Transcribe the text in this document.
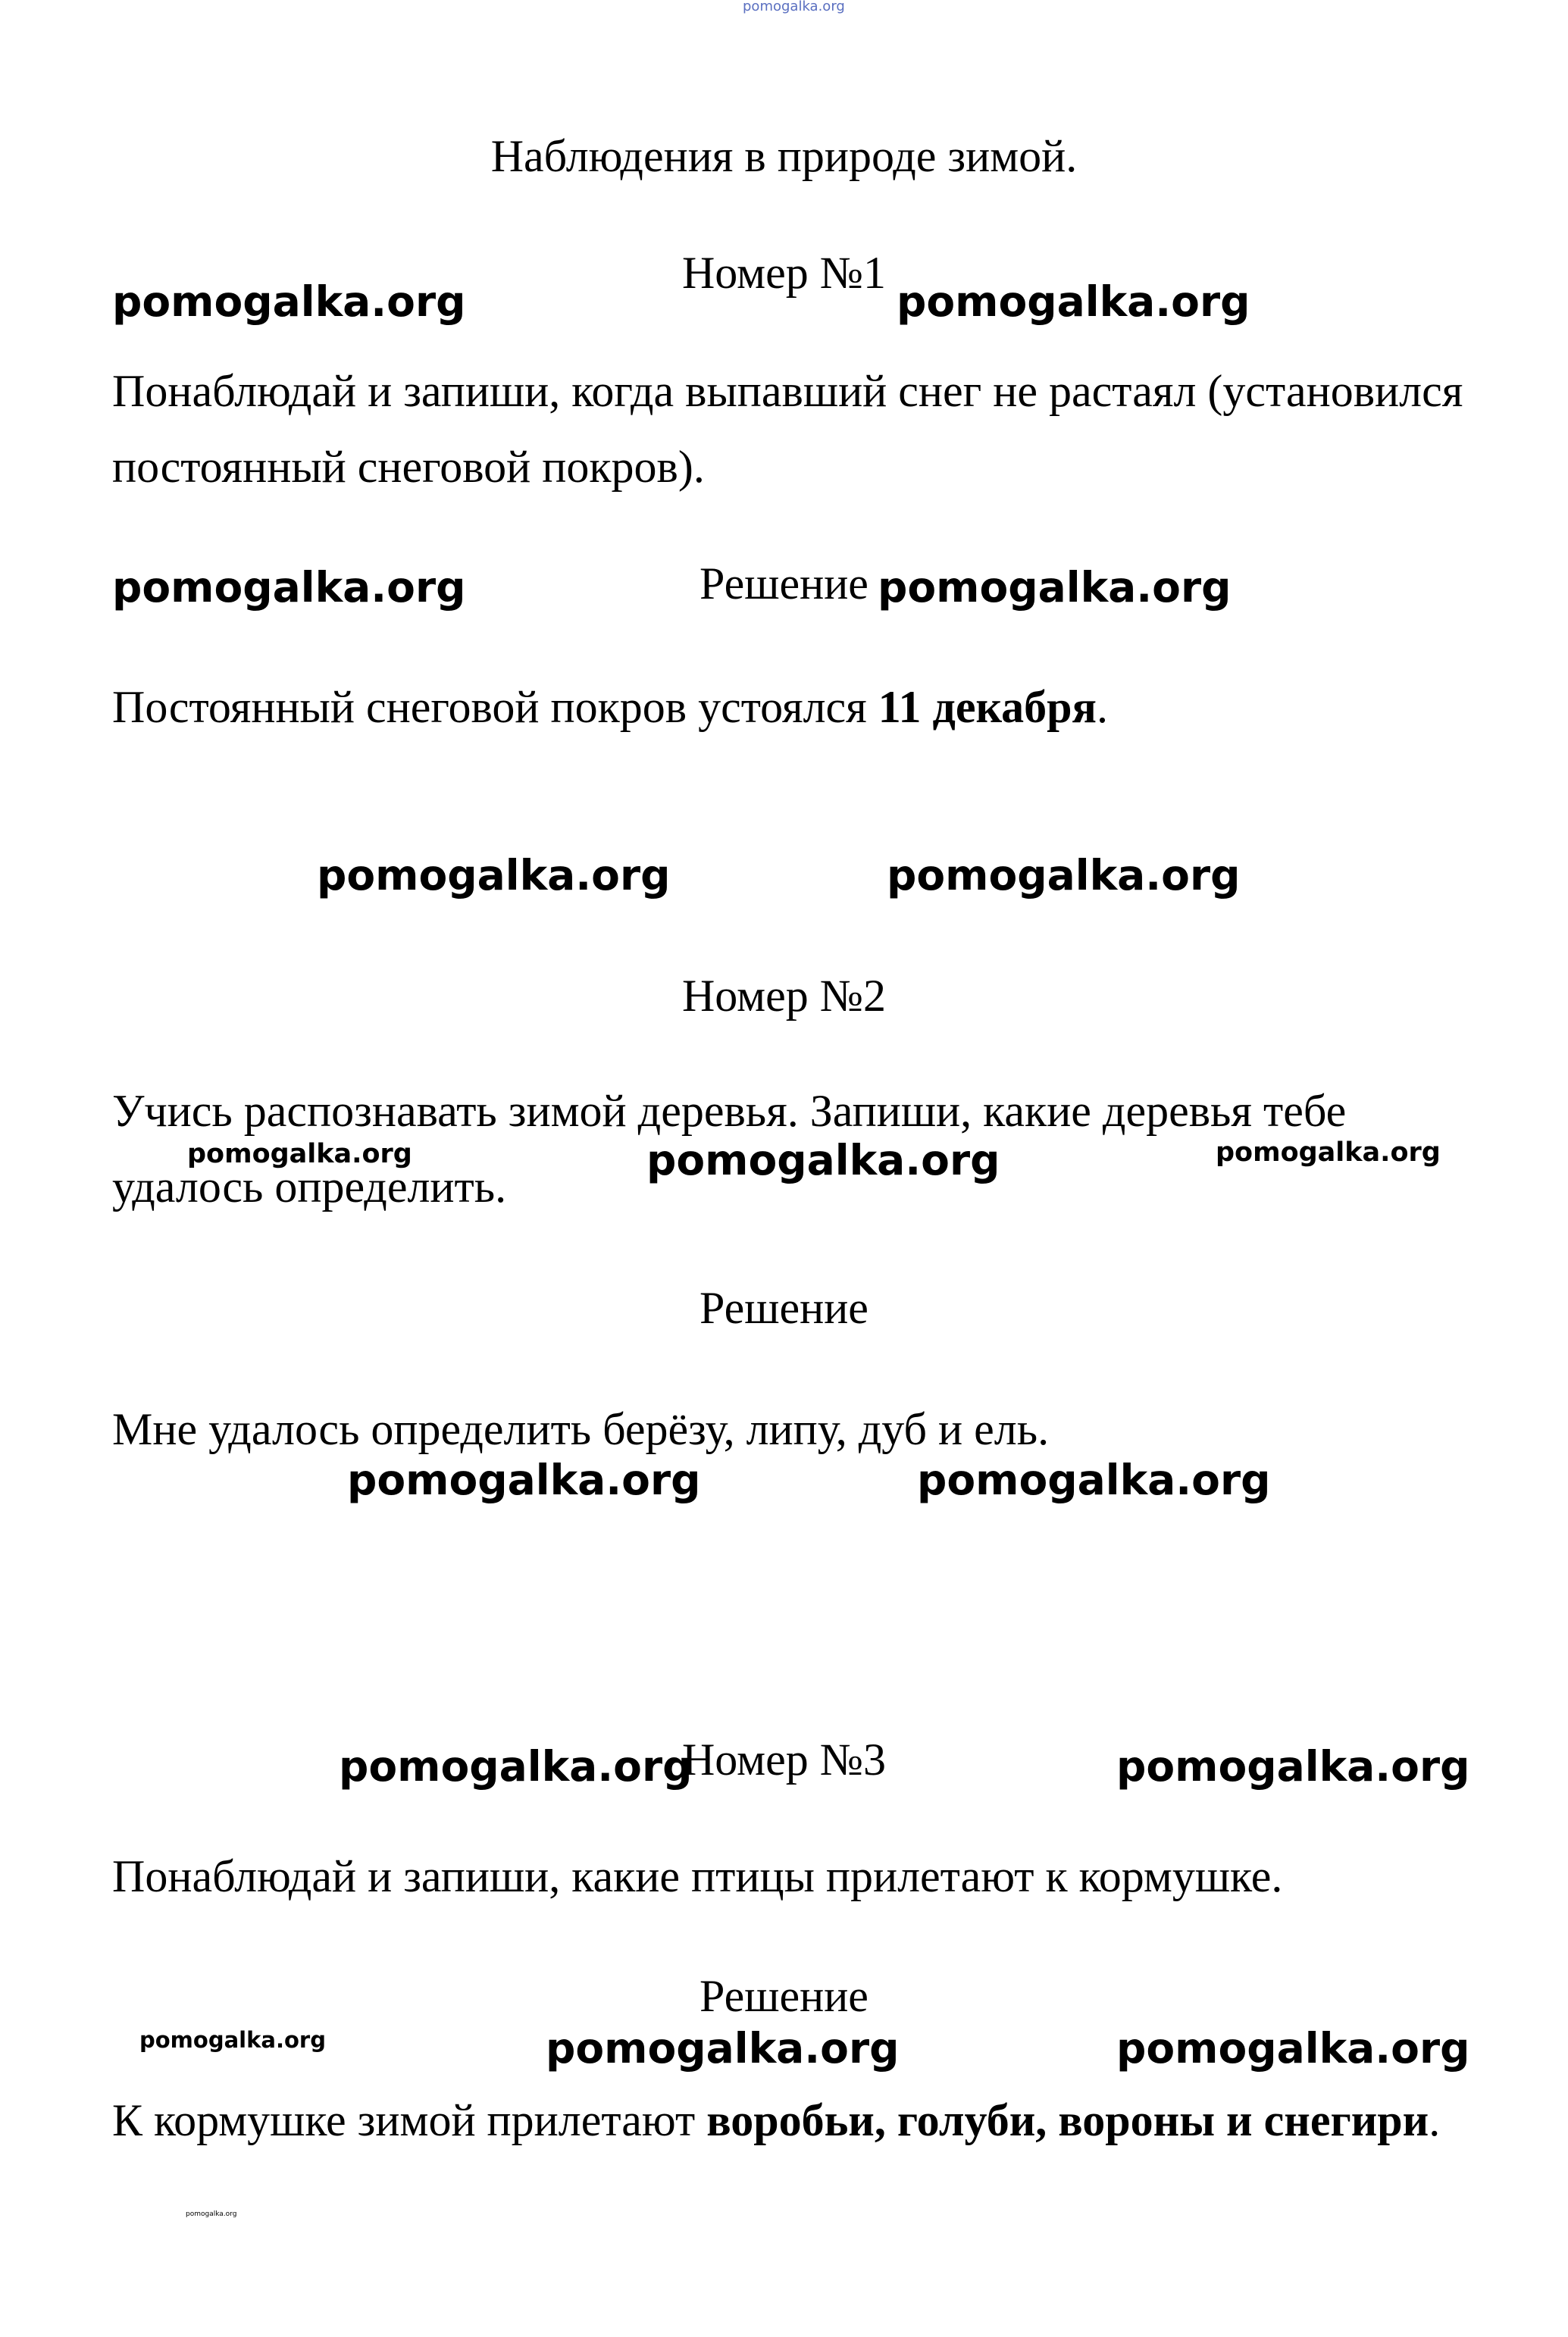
pomogalka.org
Наблюдения в природе зимой.
Номер №1
pomogalka.org	pomogalka.org

Понаблюдай и запиши, когда выпавший снег не растаял (установился постоянный снеговой покров).

Решение
pomogalka.org	pomogalka.org

Постоянный снеговой покров устоялся 11 декабря.

pomogalka.org	pomogalka.org
Номер №2

Учись распознавать зимой деревья. Запиши, какие деревья тебе удалось определить.

pomogalka.org	pomogalka.org	pomogalka.org
Решение

Мне удалось определить берёзу, липу, дуб и ель.

pomogalka.org	pomogalka.org
Номер №3
pomogalka.org	pomogalka.org

Понаблюдай и запиши, какие птицы прилетают к кормушке.

Решение
pomogalka.org	pomogalka.org	pomogalka.org

К кормушке зимой прилетают воробьи, голуби, вороны и снегири.

pomogalka.org
